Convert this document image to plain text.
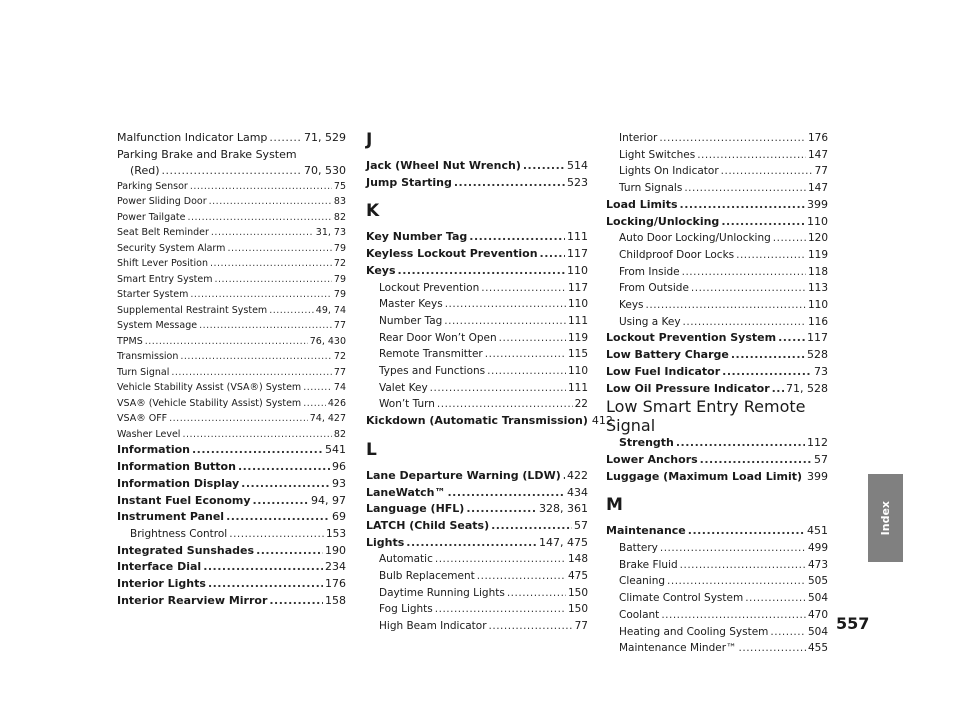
Malfunction Indicator Lamp .....	71, 529
Parking Brake and Brake System
(Red) .....	70, 530
Parking Sensor .....	75
Power Sliding Door .....	83
Power Tailgate .....	82
Seat Belt Reminder .....	31, 73
Security System Alarm .....	79
Shift Lever Position .....	72
Smart Entry System .....	79
Starter System .....	79
Supplemental Restraint System .....	49, 74
System Message .....	77
TPMS .....	76, 430
Transmission .....	72
Turn Signal .....	77
Vehicle Stability Assist (VSA®) System .....	74
VSA® (Vehicle Stability Assist) System .....	426
VSA® OFF .....	74, 427
Washer Level .....	82
Information .....	541
Information Button .....	96
Information Display .....	93
Instant Fuel Economy .....	94, 97
Instrument Panel .....	69
Brightness Control .....	153
Integrated Sunshades .....	190
Interface Dial .....	234
Interior Lights .....	176
Interior Rearview Mirror .....	158
J
Jack (Wheel Nut Wrench) .....	514
Jump Starting .....	523
K
Key Number Tag .....	111
Keyless Lockout Prevention .....	117
Keys .....	110
Lockout Prevention .....	117
Master Keys .....	110
Number Tag .....	111
Rear Door Won’t Open .....	119
Remote Transmitter .....	115
Types and Functions .....	110
Valet Key .....	111
Won’t Turn .....	22
Kickdown (Automatic Transmission) 412
L
Lane Departure Warning (LDW) ..... 422
LaneWatch™ .....	434
Language (HFL) .....	328, 361
LATCH (Child Seats) .....	57
Lights .....	147, 475
Automatic .....	148
Bulb Replacement .....	475
Daytime Running Lights .....	150
Fog Lights .....	150
High Beam Indicator .....	77
Interior .....	176
Light Switches .....	147
Lights On Indicator .....	77
Turn Signals .....	147
Load Limits .....	399
Locking/Unlocking .....	110
Auto Door Locking/Unlocking .....	120
Childproof Door Locks .....	119
From Inside .....	118
From Outside .....	113
Keys .....	110
Using a Key .....	116
Lockout Prevention System .....	117
Low Battery Charge .....	528
Low Fuel Indicator .....	73
Low Oil Pressure Indicator ..... 71, 528
Low Smart Entry Remote Signal
Strength .....	112
Lower Anchors .....	57
Luggage (Maximum Load Limit) ..... 399
M
Maintenance .....	451
Battery .....	499
Brake Fluid .....	473
Cleaning .....	505
Climate Control System .....	504
Coolant .....	470
Heating and Cooling System .....	504
Maintenance Minder™ .....	455
557
Index
